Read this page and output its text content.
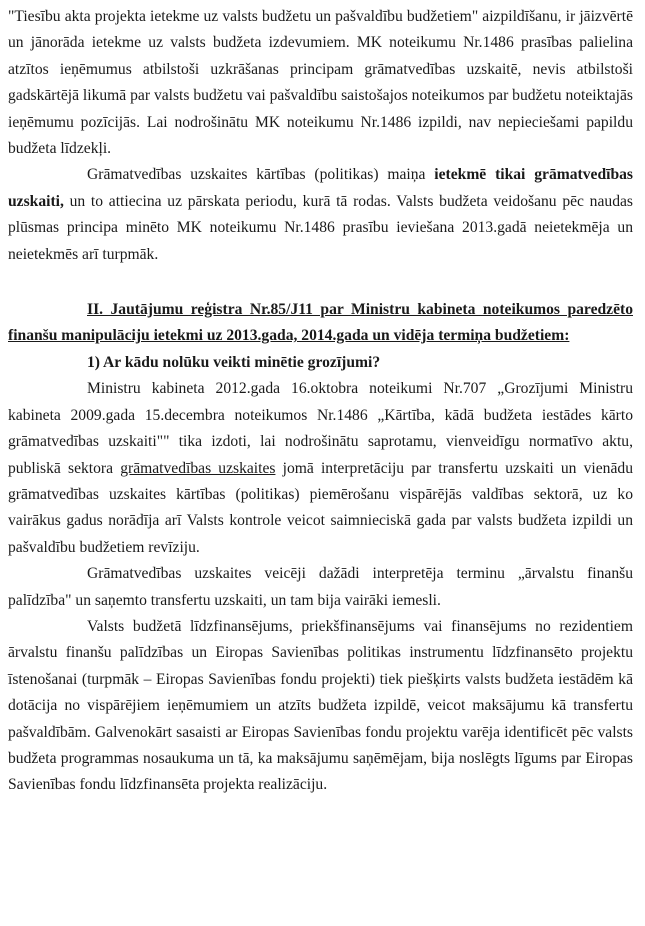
"Tiesību akta projekta ietekme uz valsts budžetu un pašvaldību budžetiem" aizpildīšanu, ir jāizvērtē un jānorāda ietekme uz valsts budžeta izdevumiem. MK noteikumu Nr.1486 prasības palielina atzītos ieņēmumus atbilstoši uzkrāšanas principam grāmatvedības uzskaitē, nevis atbilstoši gadskārtējā likumā par valsts budžetu vai pašvaldību saistošajos noteikumos par budžetu noteiktajās ieņēmumu pozīcijās. Lai nodrošinātu MK noteikumu Nr.1486 izpildi, nav nepieciešami papildu budžeta līdzekļi.

Grāmatvedības uzskaites kārtības (politikas) maiņa ietekmē tikai grāmatvedības uzskaiti, un to attiecina uz pārskata periodu, kurā tā rodas. Valsts budžeta veidošanu pēc naudas plūsmas principa minēto MK noteikumu Nr.1486 prasību ieviešana 2013.gadā neietekmēja un neietekmēs arī turpmāk.

II. Jautājumu reģistra Nr.85/J11 par Ministru kabineta noteikumos paredzēto finanšu manipulāciju ietekmi uz 2013.gada, 2014.gada un vidēja termiņa budžetiem:

1) Ar kādu nolūku veikti minētie grozījumi?

Ministru kabineta 2012.gada 16.oktobra noteikumi Nr.707 „Grozījumi Ministru kabineta 2009.gada 15.decembra noteikumos Nr.1486 „Kārtība, kādā budžeta iestādes kārto grāmatvedības uzskaiti"" tika izdoti, lai nodrošinātu saprotamu, vienveidīgu normatīvo aktu, publiskā sektora grāmatvedības uzskaites jomā interpretāciju par transfertu uzskaiti un vienādu grāmatvedības uzskaites kārtības (politikas) piemērošanu vispārējās valdības sektorā, uz ko vairākus gadus norādīja arī Valsts kontrole veicot saimnieciskā gada par valsts budžeta izpildi un pašvaldību budžetiem revīziju.

Grāmatvedības uzskaites veicēji dažādi interpretēja terminu „ārvalstu finanšu palīdzība" un saņemto transfertu uzskaiti, un tam bija vairāki iemesli.

Valsts budžetā līdzfinansējums, priekšfinansējums vai finansējums no rezidentiem ārvalstu finanšu palīdzības un Eiropas Savienības politikas instrumentu līdzfinansēto projektu īstenošanai (turpmāk – Eiropas Savienības fondu projekti) tiek piešķirts valsts budžeta iestādēm kā dotācija no vispārējiem ieņēmumiem un atzīts budžeta izpildē, veicot maksājumu kā transfertu pašvaldībām. Galvenokārt sasaisti ar Eiropas Savienības fondu projektu varēja identificēt pēc valsts budžeta programmas nosaukuma un tā, ka maksājumu saņēmējam, bija noslēgts līgums par Eiropas Savienības fondu līdzfinansēta projekta realizāciju.
